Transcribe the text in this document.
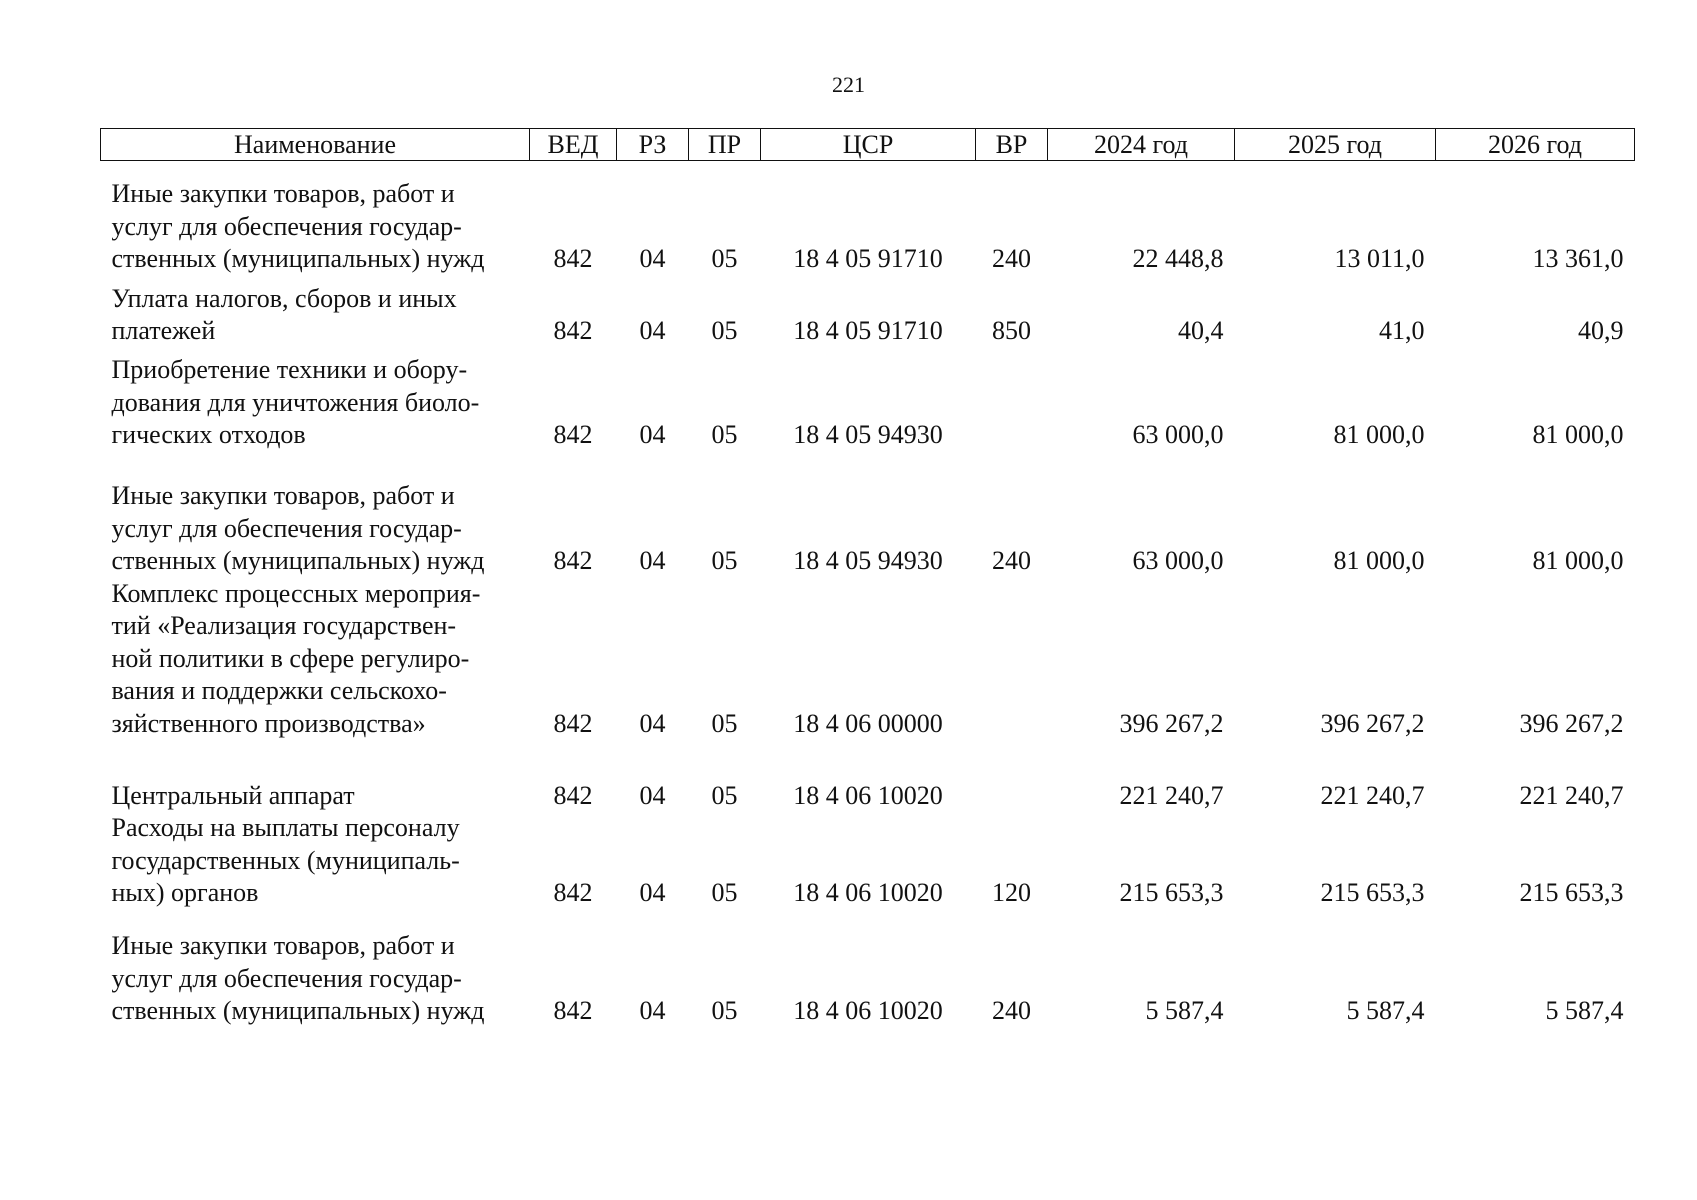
221
Наименование	ВЕД	РЗ	ПР	ЦСР	ВР	2024 год	2025 год	2026 год

Иные закупки товаров, работ и
услуг для обеспечения государ-
ственных (муниципальных) нужд	842	04	05	18 4 05 91710	240	22 448,8	13 011,0	13 361,0

Уплата налогов, сборов и иных
платежей	842	04	05	18 4 05 91710	850	40,4	41,0	40,9

Приобретение техники и обору-
дования для уничтожения биоло-
гических отходов	842	04	05	18 4 05 94930		63 000,0	81 000,0	81 000,0

Иные закупки товаров, работ и
услуг для обеспечения государ-
ственных (муниципальных) нужд	842	04	05	18 4 05 94930	240	63 000,0	81 000,0	81 000,0

Комплекс процессных мероприя-
тий «Реализация государствен-
ной политики в сфере регулиро-
вания и поддержки сельскохо-
зяйственного производства»	842	04	05	18 4 06 00000		396 267,2	396 267,2	396 267,2

Центральный аппарат	842	04	05	18 4 06 10020		221 240,7	221 240,7	221 240,7

Расходы на выплаты персоналу
государственных (муниципаль-
ных) органов	842	04	05	18 4 06 10020	120	215 653,3	215 653,3	215 653,3

Иные закупки товаров, работ и
услуг для обеспечения государ-
ственных (муниципальных) нужд	842	04	05	18 4 06 10020	240	5 587,4	5 587,4	5 587,4
